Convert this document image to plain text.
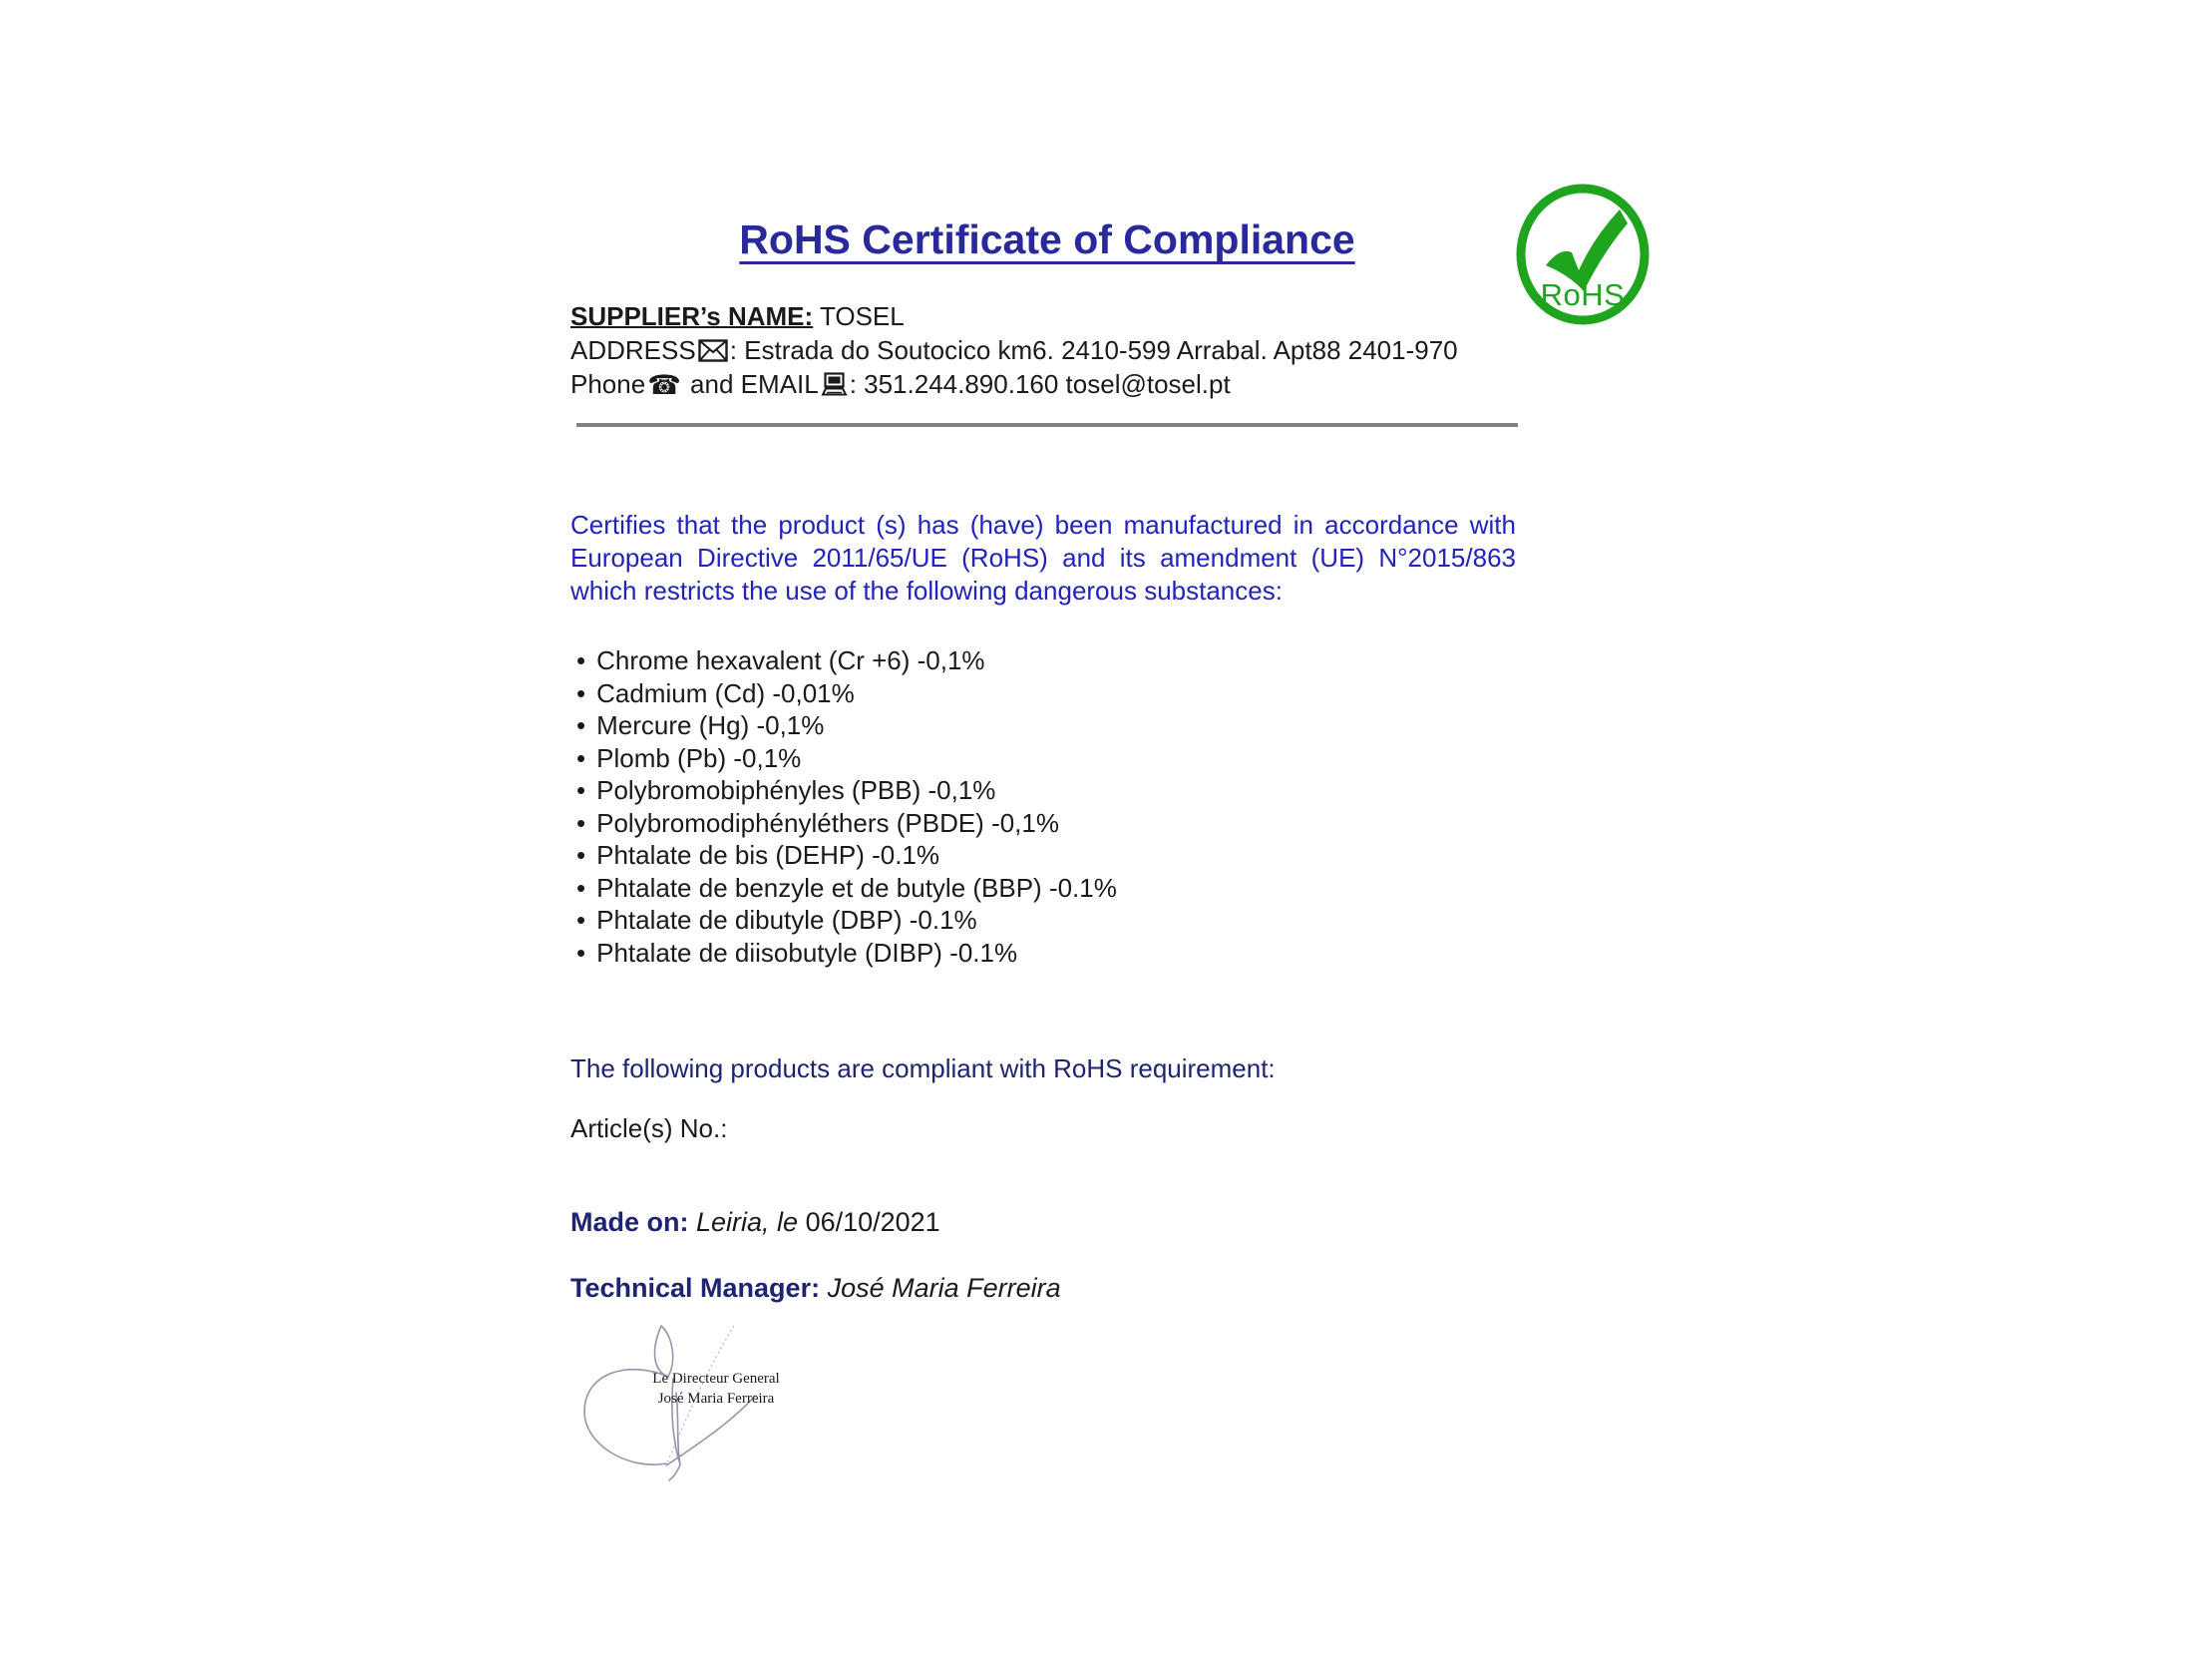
RoHS Certificate of Compliance
RoHS
SUPPLIER’s NAME: TOSEL
ADDRESS : Estrada do Soutocico km6. 2410-599 Arrabal. Apt88 2401-970
Phone☎ and EMAIL : 351.244.890.160 tosel@tosel.pt

Certifies that the product (s) has (have) been manufactured in accordance with European Directive 2011/65/UE (RoHS) and its amendment (UE) N°2015/863 which restricts the use of the following dangerous substances:

• Chrome hexavalent (Cr +6) -0,1%
• Cadmium (Cd) -0,01%
• Mercure (Hg) -0,1%
• Plomb (Pb) -0,1%
• Polybromobiphényles (PBB) -0,1%
• Polybromodiphényléthers (PBDE) -0,1%
• Phtalate de bis (DEHP) -0.1%
• Phtalate de benzyle et de butyle (BBP) -0.1%
• Phtalate de dibutyle (DBP) -0.1%
• Phtalate de diisobutyle (DIBP) -0.1%
The following products are compliant with RoHS requirement:
Article(s) No.:
Made on: Leiria, le 06/10/2021
Technical Manager: José Maria Ferreira
Le Directeur General
José Maria Ferreira
